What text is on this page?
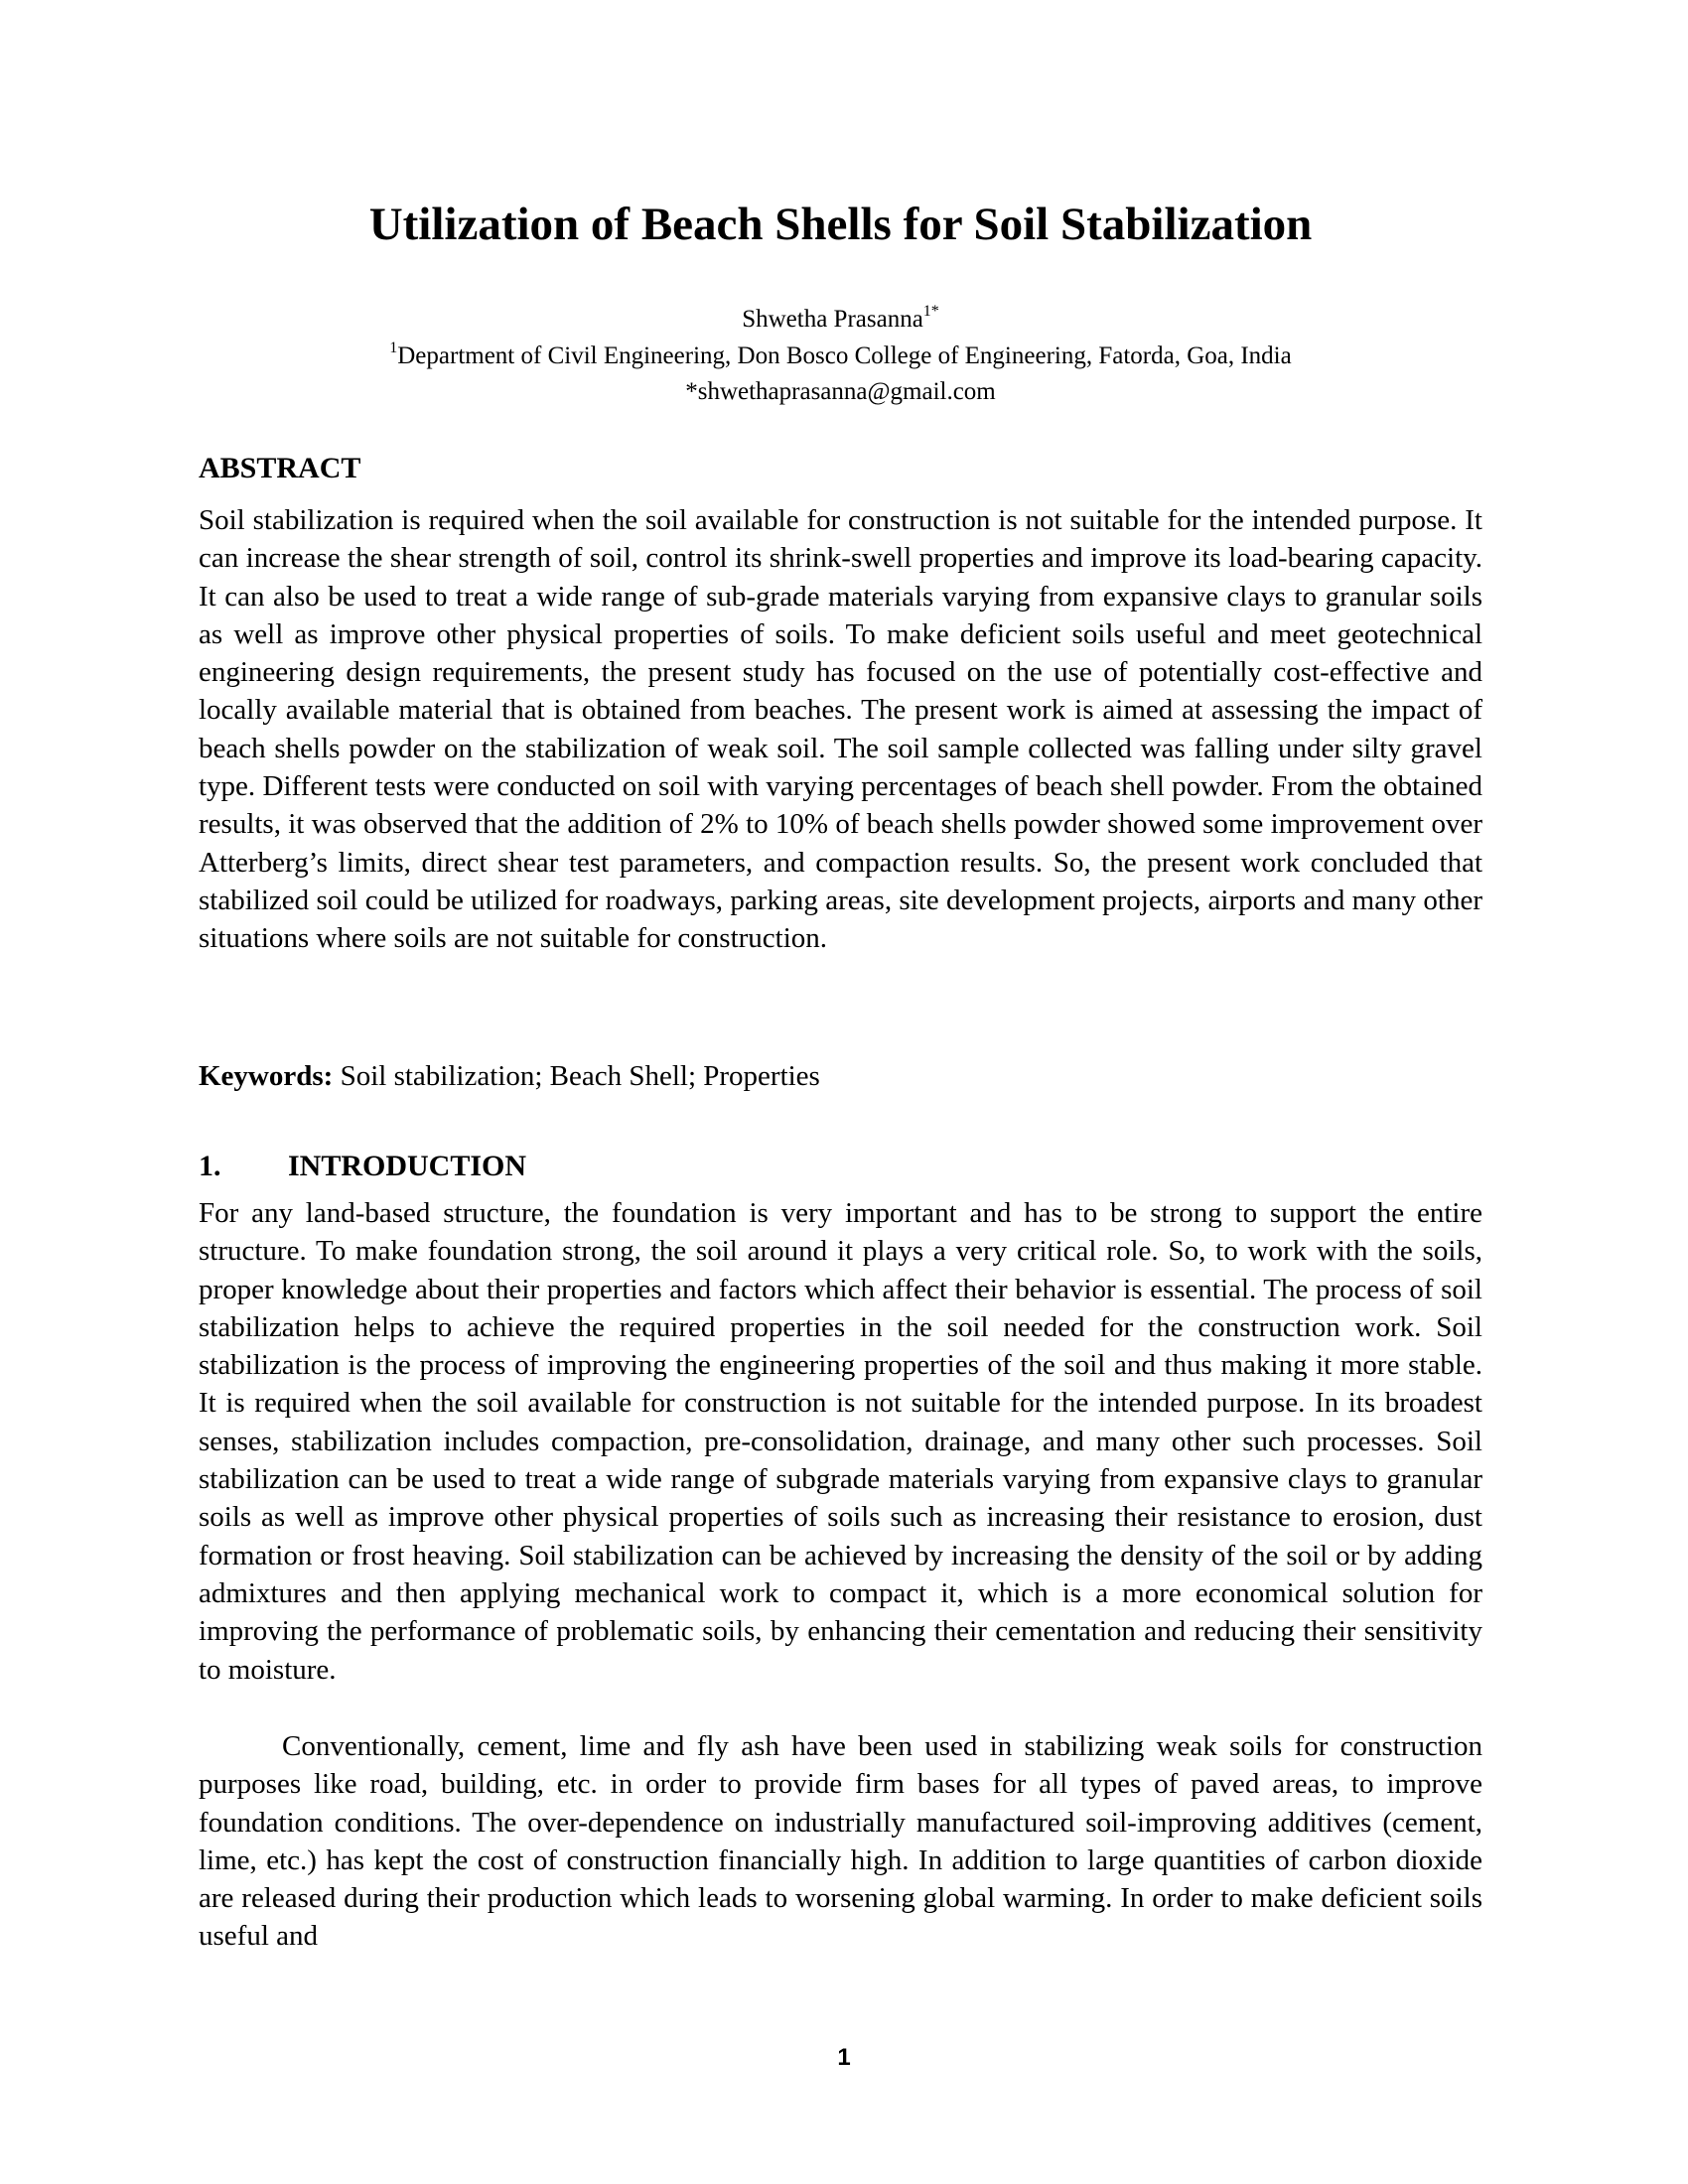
Utilization of Beach Shells for Soil Stabilization
Shwetha Prasanna$^{1*}$
$^1$Department of Civil Engineering, Don Bosco College of Engineering, Fatorda, Goa, India
*shwethaprasanna@gmail.com
ABSTRACT

Soil stabilization is required when the soil available for construction is not suitable for the intended purpose. It can increase the shear strength of soil, control its shrink-swell properties and improve its load-bearing capacity. It can also be used to treat a wide range of sub-grade materials varying from expansive clays to granular soils as well as improve other physical properties of soils. To make deficient soils useful and meet geotechnical engineering design requirements, the present study has focused on the use of potentially cost-effective and locally available material that is obtained from beaches. The present work is aimed at assessing the impact of beach shells powder on the stabilization of weak soil. The soil sample collected was falling under silty gravel type. Different tests were conducted on soil with varying percentages of beach shell powder. From the obtained results, it was observed that the addition of 2% to 10% of beach shells powder showed some improvement over Atterberg’s limits, direct shear test parameters, and compaction results. So, the present work concluded that stabilized soil could be utilized for roadways, parking areas, site development projects, airports and many other situations where soils are not suitable for construction.

Keywords: Soil stabilization; Beach Shell; Properties
1. INTRODUCTION

For any land-based structure, the foundation is very important and has to be strong to support the entire structure. To make foundation strong, the soil around it plays a very critical role. So, to work with the soils, proper knowledge about their properties and factors which affect their behavior is essential. The process of soil stabilization helps to achieve the required properties in the soil needed for the construction work. Soil stabilization is the process of improving the engineering properties of the soil and thus making it more stable. It is required when the soil available for construction is not suitable for the intended purpose. In its broadest senses, stabilization includes compaction, pre-consolidation, drainage, and many other such processes. Soil stabilization can be used to treat a wide range of subgrade materials varying from expansive clays to granular soils as well as improve other physical properties of soils such as increasing their resistance to erosion, dust formation or frost heaving. Soil stabilization can be achieved by increasing the density of the soil or by adding admixtures and then applying mechanical work to compact it, which is a more economical solution for improving the performance of problematic soils, by enhancing their cementation and reducing their sensitivity to moisture.

Conventionally, cement, lime and fly ash have been used in stabilizing weak soils for construction purposes like road, building, etc. in order to provide firm bases for all types of paved areas, to improve foundation conditions. The over-dependence on industrially manufactured soil-improving additives (cement, lime, etc.) has kept the cost of construction financially high. In addition to large quantities of carbon dioxide are released during their production which leads to worsening global warming. In order to make deficient soils useful and

1
